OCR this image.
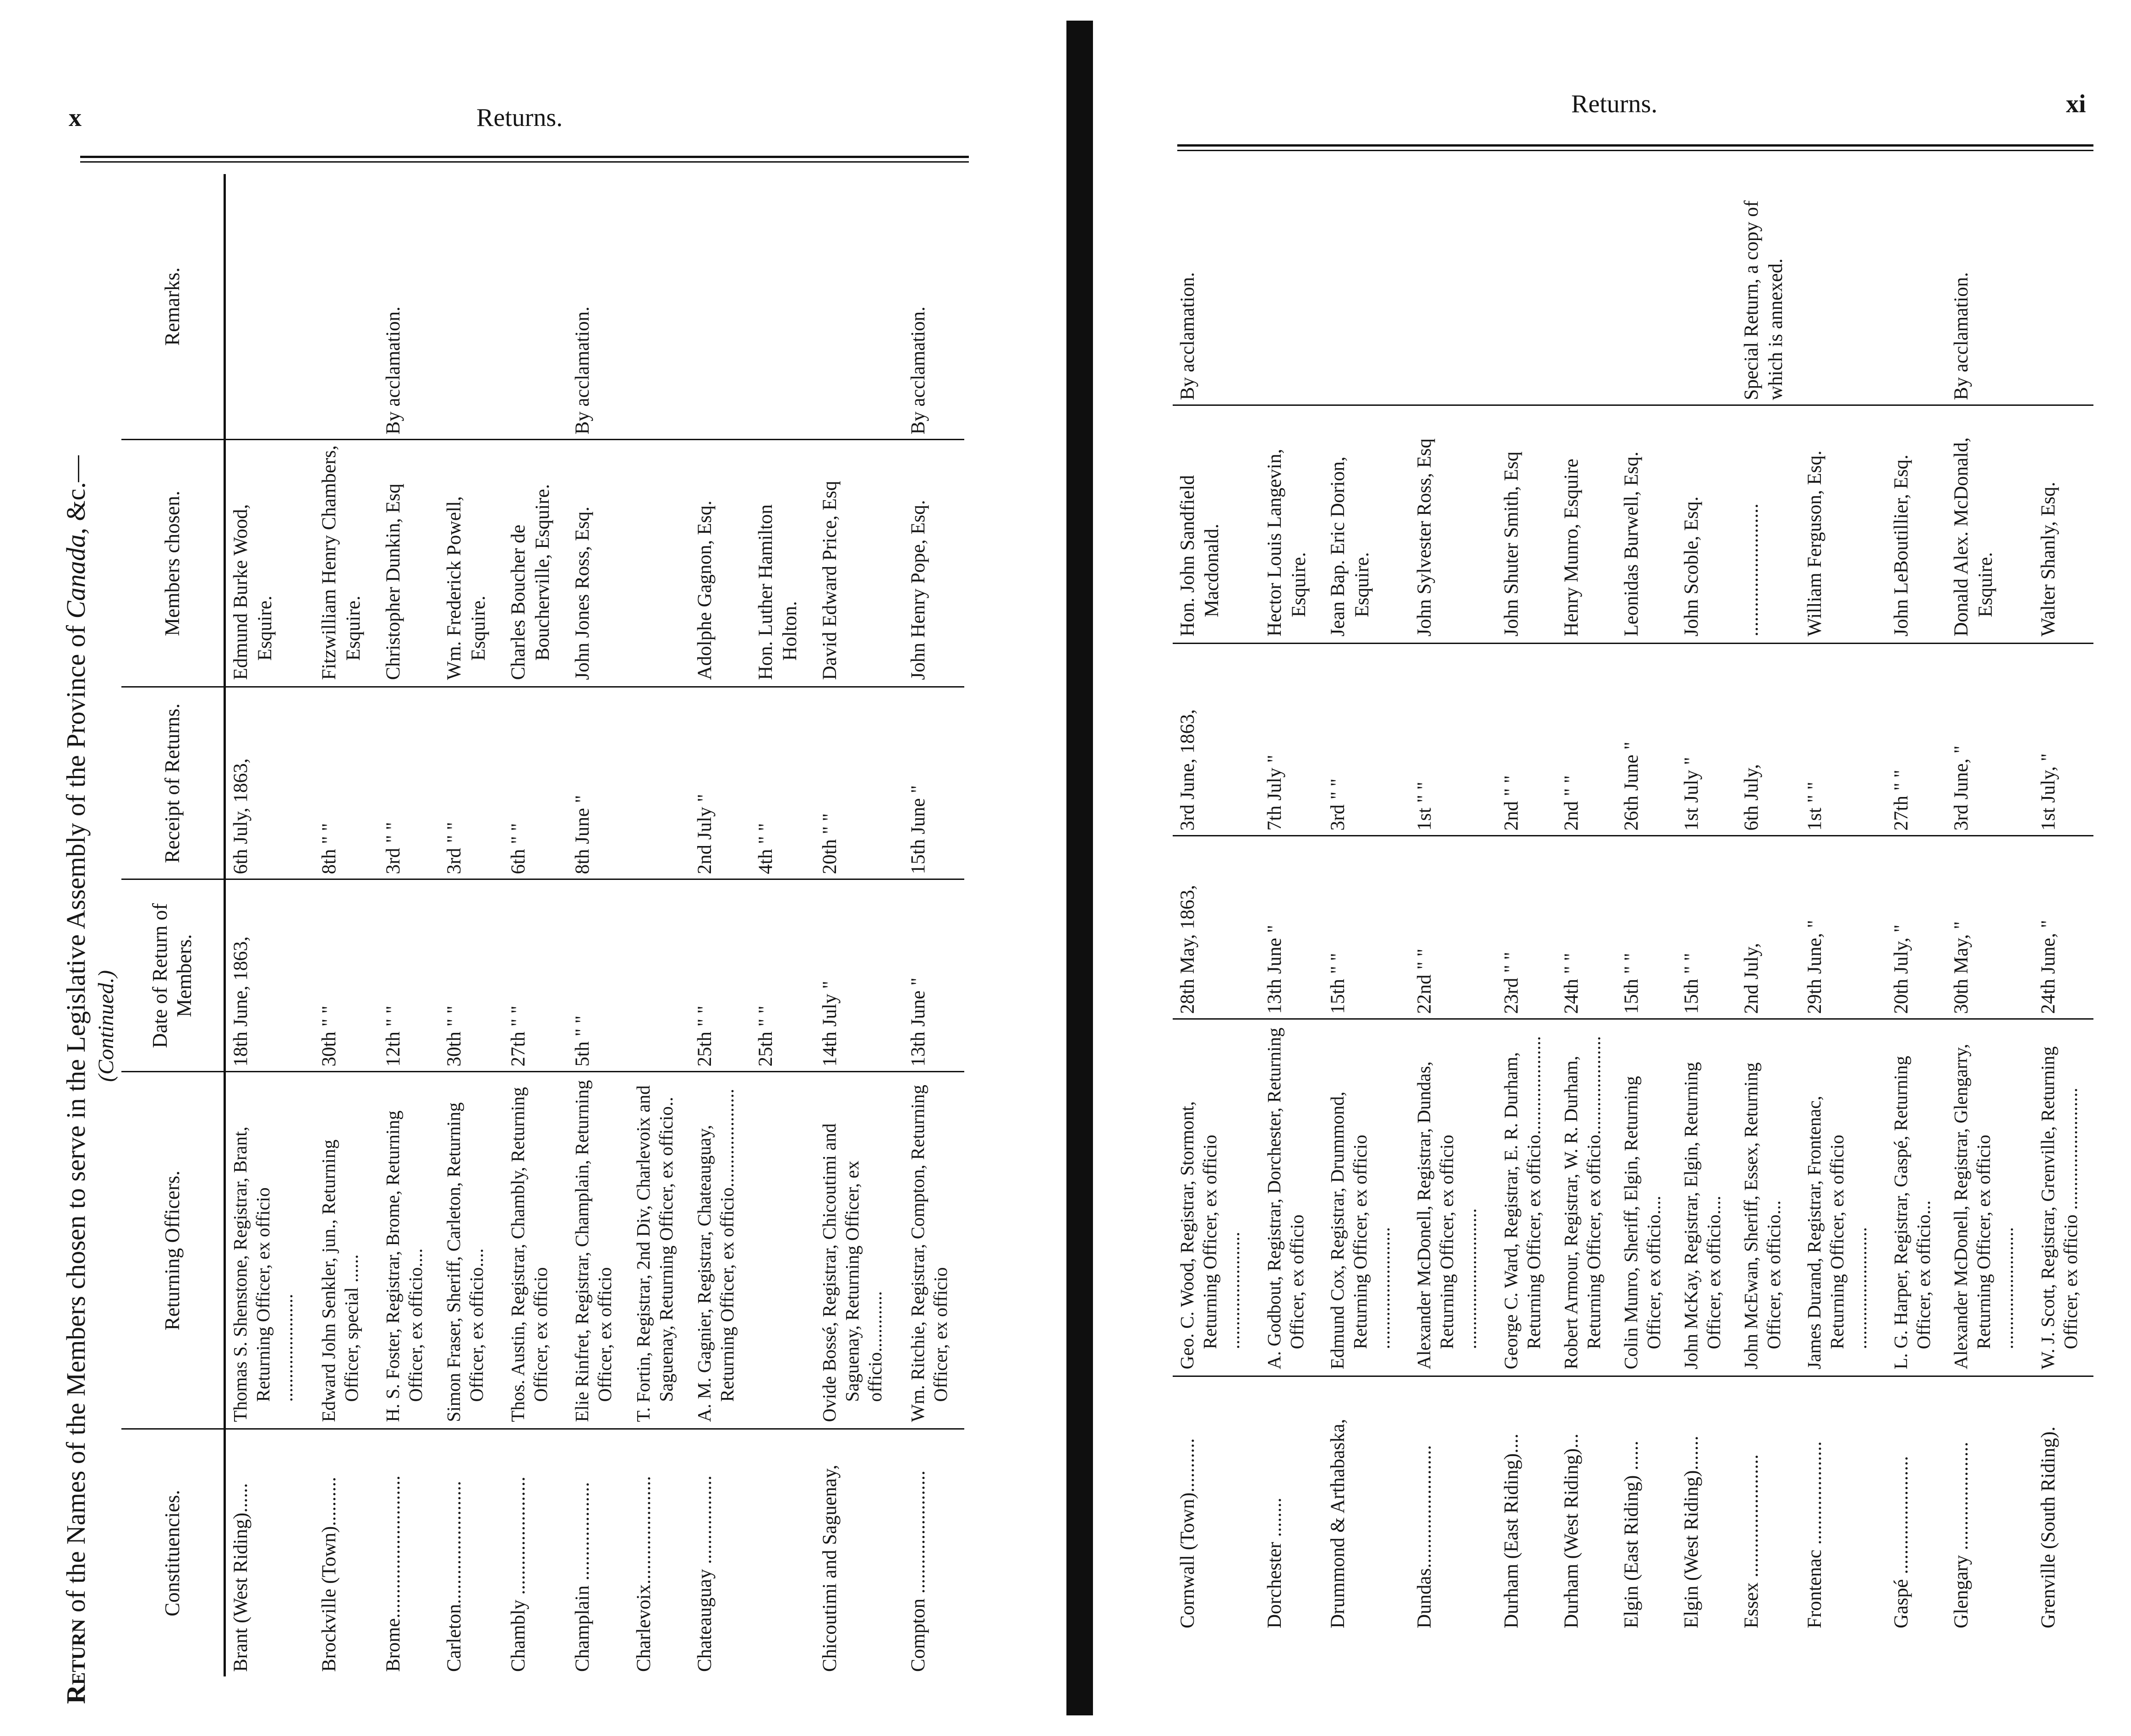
x	Returns.
Return of the Names of the Members chosen to serve in the Legislative Assembly of the Province of Canada, &c.—
(Continued.)
Constituencies.	Returning Officers.	Date of Return of Members.	Receipt of Returns.	Members chosen.	Remarks.
Brant (West Riding)......	Thomas S. Shenstone, Registrar, Brant, Returning Officer, ex officio .......................	18th June, 1863,	6th July, 1863,	Edmund Burke Wood, Esquire.	
Brockville (Town)..........	Edward John Senkler, jun., Returning Officer, special ......	30th " "	8th " "	Fitzwilliam Henry Chambers, Esquire.	
Brome.............................	H. S. Foster, Registrar, Brome, Returning Officer, ex officio....	12th " "	3rd " "	Christopher Dunkin, Esq	By acclamation.
Carleton.........................	Simon Fraser, Sheriff, Carleton, Returning Officer, ex officio....	30th " "	3rd " "	Wm. Frederick Powell, Esquire.	
Chambly ........................	Thos. Austin, Registrar, Chambly, Returning Officer, ex officio	27th " "	6th " "	Charles Boucher de Boucherville, Esquire.	
Champlain ....................	Elie Rinfret, Registrar, Champlain, Returning Officer, ex officio	5th " "	8th June "	John Jones Ross, Esq.	By acclamation.
Charlevoix......................	T. Fortin, Registrar, 2nd Div, Charlevoix and Saguenay, Returning Officer, ex officio..				
Chateauguay ..................	A. M. Gagnier, Registrar, Chateauguay, Returning Officer, ex officio.....................	25th " "	2nd July "	Adolphe Gagnon, Esq.	
		25th " "	4th " "	Hon. Luther Hamilton Holton.	
Chicoutimi and Saguenay,	Ovide Bossé, Registrar, Chicoutimi and Saguenay, Returning Officer, ex officio.............	14th July "	20th " "	David Edward Price, Esq	
Compton .........................	Wm. Ritchie, Registrar, Compton, Returning Officer, ex officio	13th June "	15th June "	John Henry Pope, Esq.	By acclamation.
Returns.	xi
Cornwall (Town)...........	Geo. C. Wood, Registrar, Stormont, Returning Officer, ex officio .........................	28th May, 1863,	3rd June, 1863,	Hon. John Sandfield Macdonald.	By acclamation.
Dorchester ........	A. Godbout, Registrar, Dorchester, Returning Officer, ex officio	13th June "	7th July "	Hector Louis Langevin, Esquire.	
Drummond & Arthabaska,	Edmund Cox, Registrar, Drummond, Returning Officer, ex officio ..........................	15th " "	3rd " "	Jean Bap. Eric Dorion, Esquire.	
Dundas.........................	Alexander McDonell, Registrar, Dundas, Returning Officer, ex officio ..............................	22nd " "	1st " "	John Sylvester Ross, Esq	
Durham (East Riding)....	George C. Ward, Registrar, E. R. Durham, Returning Officer, ex officio.....................	23rd " "	2nd " "	John Shuter Smith, Esq	
Durham (West Riding)...	Robert Armour, Registrar, W. R. Durham, Returning Officer, ex officio.....................	24th " "	2nd " "	Henry Munro, Esquire	
Elgin (East Riding) ......	Colin Munro, Sheriff, Elgin, Returning Officer, ex officio....	15th " "	26th June "	Leonidas Burwell, Esq.	
Elgin (West Riding).......	John McKay, Registrar, Elgin, Returning Officer, ex officio....	15th " "	1st July "	John Scoble, Esq.	
Essex .........................	John McEwan, Sheriff, Essex, Returning Officer, ex officio...	2nd July,	6th July,	...........................	Special Return, a copy of which is annexed.
Frontenac .....................	James Durand, Registrar, Frontenac, Returning Officer, ex officio ..........................	29th June, "	1st " "	William Ferguson, Esq.	
Gaspé ........................	L. G. Harper, Registrar, Gaspé, Returning Officer, ex officio...	20th July, "	27th " "	John LeBoutillier, Esq.	
Glengary ......................	Alexander McDonell, Registrar, Glengarry, Returning Officer, ex officio ..........................	30th May, "	3rd June, "	Donald Alex. McDonald, Esquire.	By acclamation.
Grenville (South Riding).	W. J. Scott, Registrar, Grenville, Returning Officer, ex officio ..........................	24th June, "	1st July, "	Walter Shanly, Esq.	
